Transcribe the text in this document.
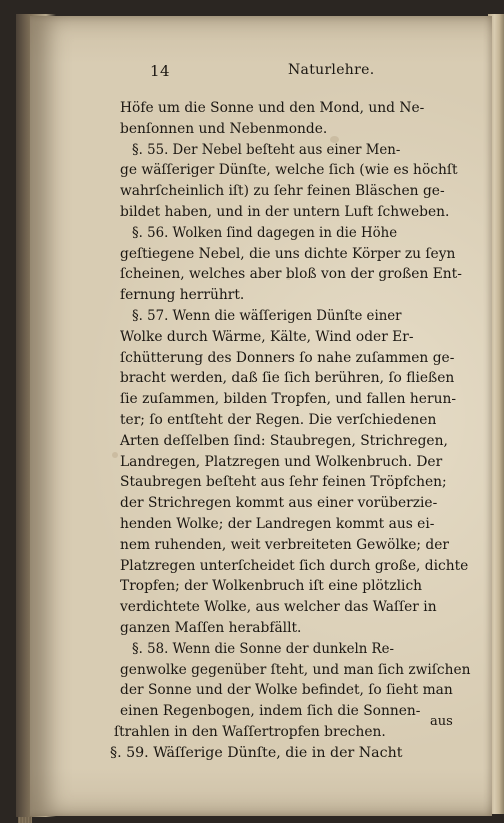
14	Naturlehre.
Höfe um die Sonne und den Mond, und Ne-
benſonnen und Nebenmonde.
§. 55. Der Nebel beſteht aus einer Men-
ge wäſſeriger Dünſte, welche ſich (wie es höchſt
wahrſcheinlich iſt) zu ſehr feinen Bläschen ge-
bildet haben, und in der untern Luft ſchweben.
§. 56. Wolken ſind dagegen in die Höhe
geſtiegene Nebel, die uns dichte Körper zu ſeyn
ſcheinen, welches aber bloß von der großen Ent-
fernung herrührt.
§. 57. Wenn die wäſſerigen Dünſte einer
Wolke durch Wärme, Kälte, Wind oder Er-
ſchütterung des Donners ſo nahe zuſammen ge-
bracht werden, daß ſie ſich berühren, ſo fließen
ſie zuſammen, bilden Tropfen, und fallen herun-
ter; ſo entſteht der Regen. Die verſchiedenen
Arten deſſelben ſind: Staubregen, Strichregen,
Landregen, Platzregen und Wolkenbruch. Der
Staubregen beſteht aus ſehr feinen Tröpfchen;
der Strichregen kommt aus einer vorüberzie-
henden Wolke; der Landregen kommt aus ei-
nem ruhenden, weit verbreiteten Gewölke; der
Platzregen unterſcheidet ſich durch große, dichte
Tropfen; der Wolkenbruch iſt eine plötzlich
verdichtete Wolke, aus welcher das Waſſer in
ganzen Maſſen herabfällt.
§. 58. Wenn die Sonne der dunkeln Re-
genwolke gegenüber ſteht, und man ſich zwiſchen
der Sonne und der Wolke befindet, ſo ſieht man
einen Regenbogen, indem ſich die Sonnen-
ſtrahlen in den Waſſertropfen brechen.
§. 59. Wäſſerige Dünſte, die in der Nacht
aus
